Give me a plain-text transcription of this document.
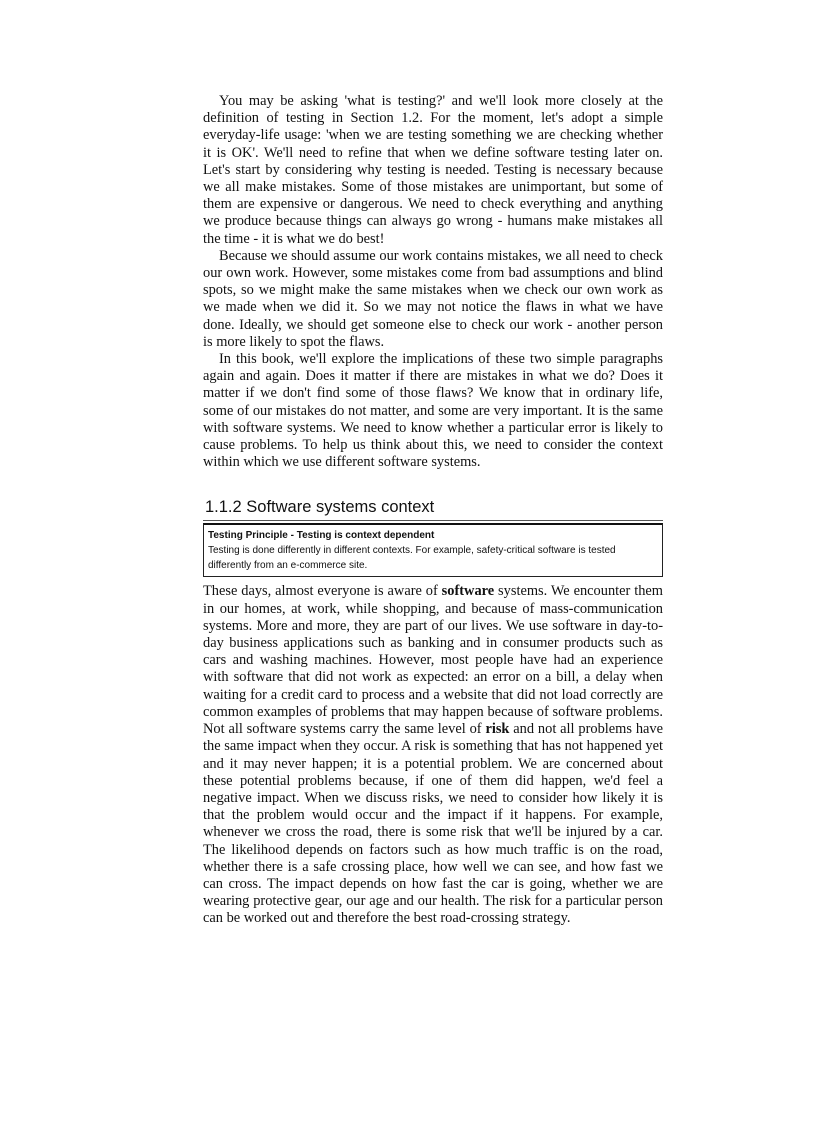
You may be asking 'what is testing?' and we'll look more closely at the definition of testing in Section 1.2. For the moment, let's adopt a simple everyday-life usage: 'when we are testing something we are checking whether it is OK'. We'll need to refine that when we define software testing later on. Let's start by considering why testing is needed. Testing is necessary because we all make mistakes. Some of those mistakes are unimportant, but some of them are expensive or dangerous. We need to check everything and anything we produce because things can always go wrong - humans make mistakes all the time - it is what we do best!

Because we should assume our work contains mistakes, we all need to check our own work. However, some mistakes come from bad assumptions and blind spots, so we might make the same mistakes when we check our own work as we made when we did it. So we may not notice the flaws in what we have done. Ideally, we should get someone else to check our work - another person is more likely to spot the flaws.

In this book, we'll explore the implications of these two simple paragraphs again and again. Does it matter if there are mistakes in what we do? Does it matter if we don't find some of those flaws? We know that in ordinary life, some of our mistakes do not matter, and some are very important. It is the same with software systems. We need to know whether a particular error is likely to cause problems. To help us think about this, we need to consider the context within which we use different software systems.

1.1.2 Software systems context
Testing Principle - Testing is context dependent
Testing is done differently in different contexts. For example, safety-critical software is tested differently from an e-commerce site.

These days, almost everyone is aware of software systems. We encounter them in our homes, at work, while shopping, and because of mass-communication systems. More and more, they are part of our lives. We use software in day-to-day business applications such as banking and in consumer products such as cars and washing machines. However, most people have had an experience with software that did not work as expected: an error on a bill, a delay when waiting for a credit card to process and a website that did not load correctly are common examples of problems that may happen because of software problems. Not all software systems carry the same level of risk and not all problems have the same impact when they occur. A risk is something that has not happened yet and it may never happen; it is a potential problem. We are concerned about these potential problems because, if one of them did happen, we'd feel a negative impact. When we discuss risks, we need to consider how likely it is that the problem would occur and the impact if it happens. For example, whenever we cross the road, there is some risk that we'll be injured by a car. The likelihood depends on factors such as how much traffic is on the road, whether there is a safe crossing place, how well we can see, and how fast we can cross. The impact depends on how fast the car is going, whether we are wearing protective gear, our age and our health. The risk for a particular person can be worked out and therefore the best road-crossing strategy.
